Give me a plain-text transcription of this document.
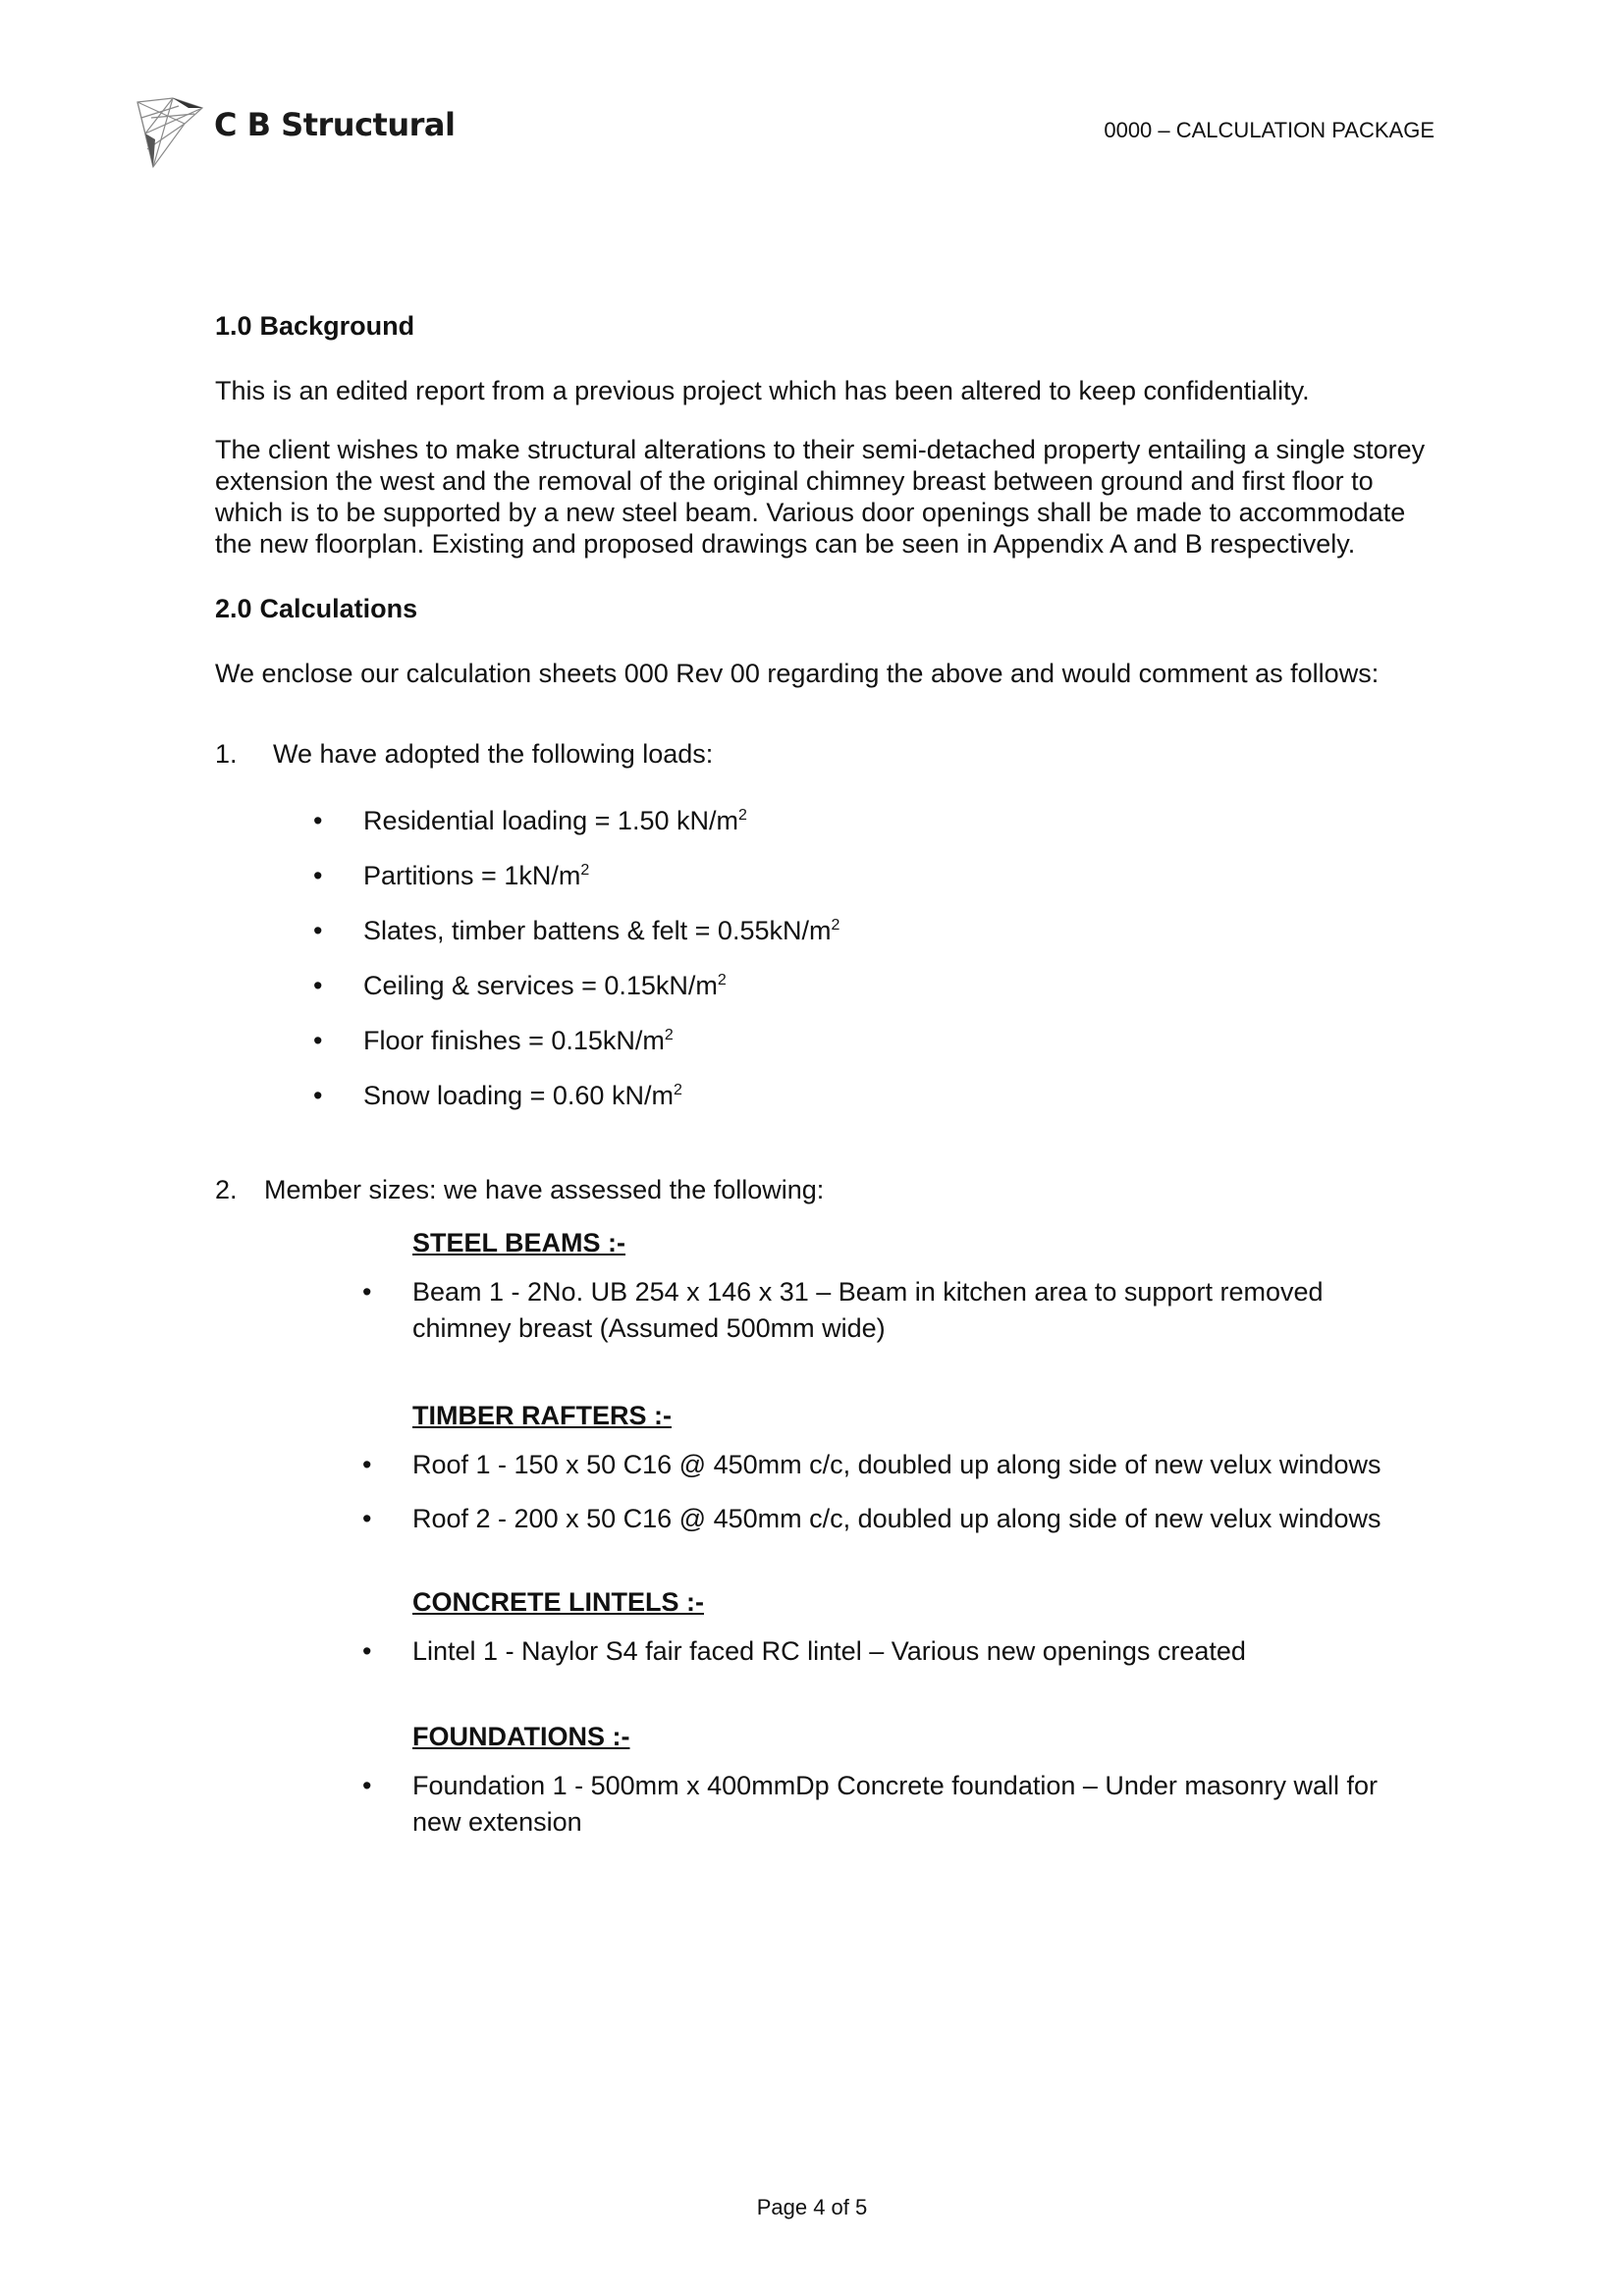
C B Structural	0000 – CALCULATION PACKAGE
1.0 Background

This is an edited report from a previous project which has been altered to keep confidentiality.

The client wishes to make structural alterations to their semi-detached property entailing a single storey extension the west and the removal of the original chimney breast between ground and first floor to which is to be supported by a new steel beam. Various door openings shall be made to accommodate the new floorplan. Existing and proposed drawings can be seen in Appendix A and B respectively.

2.0 Calculations

We enclose our calculation sheets 000 Rev 00 regarding the above and would comment as follows:

1.	We have adopted the following loads:
• Residential loading = 1.50 $kN/m^2$
• Partitions = $1kN/m^2$
• Slates, timber battens & felt = $0.55kN/m^2$
• Ceiling & services = $0.15kN/m^2$
• Floor finishes = $0.15kN/m^2$
• Snow loading = 0.60 $kN/m^2$
2.	Member sizes: we have assessed the following:

STEEL BEAMS :-

• Beam 1 - 2No. UB 254 x 146 x 31 – Beam in kitchen area to support removed chimney breast (Assumed 500mm wide)

TIMBER RAFTERS :-

• Roof 1 - 150 x 50 C16 @ 450mm c/c, doubled up along side of new velux windows
• Roof 2 - 200 x 50 C16 @ 450mm c/c, doubled up along side of new velux windows

CONCRETE LINTELS :-

• Lintel 1 - Naylor S4 fair faced RC lintel – Various new openings created

FOUNDATIONS :-

• Foundation 1 - 500mm x 400mmDp Concrete foundation – Under masonry wall for new extension
Page 4 of 5
